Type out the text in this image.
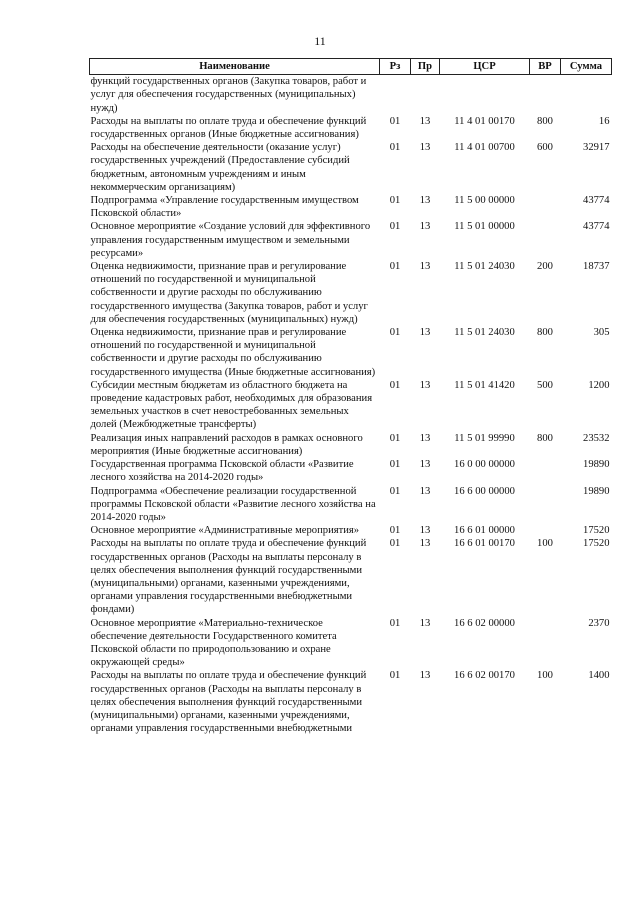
11
Наименование	Рз	Пр	ЦСР	ВР	Сумма
функций государственных органов (Закупка товаров, работ и услуг для обеспечения государственных (муниципальных) нужд)					
Расходы на выплаты по оплате труда и обеспечение функций государственных органов (Иные бюджетные ассигнования)	01	13	11 4 01 00170	800	16
Расходы на обеспечение деятельности (оказание услуг) государственных учреждений (Предоставление субсидий бюджетным, автономным учреждениям и иным некоммерческим организациям)	01	13	11 4 01 00700	600	32917
Подпрограмма «Управление государственным имуществом Псковской области»	01	13	11 5 00 00000		43774
Основное мероприятие «Создание условий для эффективного управления государственным имуществом и земельными ресурсами»	01	13	11 5 01 00000		43774
Оценка недвижимости, признание прав и регулирование отношений по государственной и муниципальной собственности и другие расходы по обслуживанию государственного имущества (Закупка товаров, работ и услуг для обеспечения государственных (муниципальных) нужд)	01	13	11 5 01 24030	200	18737
Оценка недвижимости, признание прав и регулирование отношений по государственной и муниципальной собственности и другие расходы по обслуживанию государственного имущества (Иные бюджетные ассигнования)	01	13	11 5 01 24030	800	305
Субсидии местным бюджетам из областного бюджета на проведение кадастровых работ, необходимых для образования земельных участков в счет невостребованных земельных долей (Межбюджетные трансферты)	01	13	11 5 01 41420	500	1200
Реализация иных направлений расходов в рамках основного мероприятия (Иные бюджетные ассигнования)	01	13	11 5 01 99990	800	23532
Государственная программа Псковской области «Развитие лесного хозяйства на 2014-2020 годы»	01	13	16 0 00 00000		19890
Подпрограмма «Обеспечение реализации государственной программы Псковской области «Развитие лесного хозяйства на 2014-2020 годы»	01	13	16 6 00 00000		19890
Основное мероприятие «Административные мероприятия»	01	13	16 6 01 00000		17520
Расходы на выплаты по оплате труда и обеспечение функций государственных органов (Расходы на выплаты персоналу в целях обеспечения выполнения функций государственными (муниципальными) органами, казенными учреждениями, органами управления государственными внебюджетными фондами)	01	13	16 6 01 00170	100	17520
Основное мероприятие «Материально-техническое обеспечение деятельности Государственного комитета Псковской области по природопользованию и охране окружающей среды»	01	13	16 6 02 00000		2370
Расходы на выплаты по оплате труда и обеспечение функций государственных органов (Расходы на выплаты персоналу в целях обеспечения выполнения функций государственными (муниципальными) органами, казенными учреждениями, органами управления государственными внебюджетными	01	13	16 6 02 00170	100	1400
